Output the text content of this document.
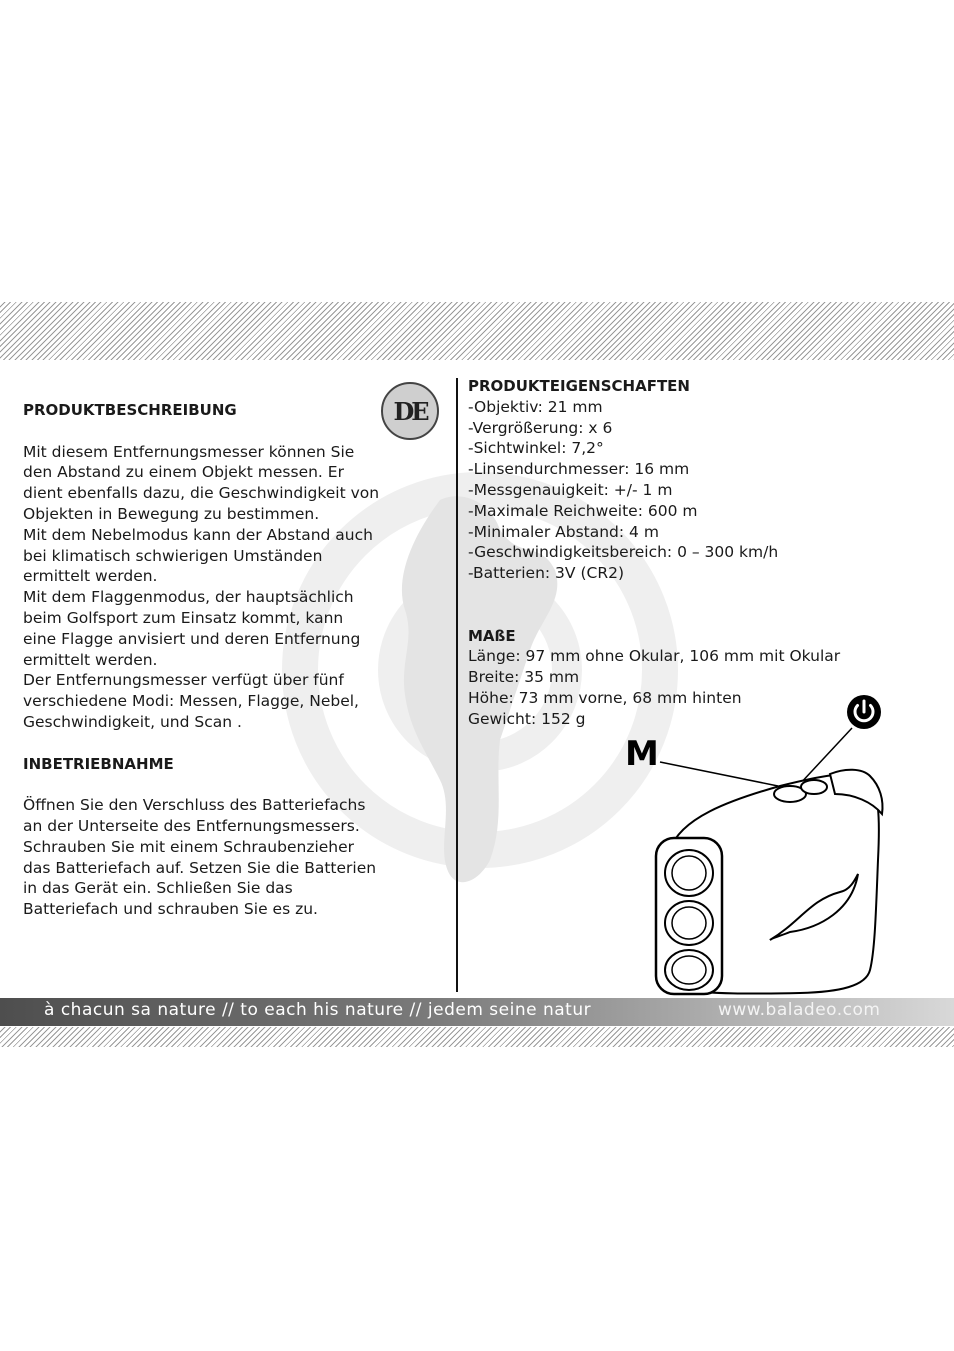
DE
PRODUKTBESCHREIBUNG

Mit diesem Entfernungsmesser können Sie

den Abstand zu einem Objekt messen. Er

dient ebenfalls dazu, die Geschwindigkeit von

Objekten in Bewegung zu bestimmen.

Mit dem Nebelmodus kann der Abstand auch

bei klimatisch schwierigen Umständen

ermittelt werden.

Mit dem Flaggenmodus, der hauptsächlich

beim Golfsport zum Einsatz kommt, kann

eine Flagge anvisiert und deren Entfernung

ermittelt werden.

Der Entfernungsmesser verfügt über fünf

verschiedene Modi: Messen, Flagge, Nebel,

Geschwindigkeit, und Scan .

INBETRIEBNAHME

Öffnen Sie den Verschluss des Batteriefachs

an der Unterseite des Entfernungsmessers.

Schrauben Sie mit einem Schraubenzieher

das Batteriefach auf. Setzen Sie die Batterien

in das Gerät ein. Schließen Sie das

Batteriefach und schrauben Sie es zu.

PRODUKTEIGENSCHAFTEN

-Objektiv: 21 mm

-Vergrößerung: x 6

-Sichtwinkel: 7,2°

-Linsendurchmesser: 16 mm

-Messgenauigkeit: +/- 1 m

-Maximale Reichweite: 600 m

-Minimaler Abstand: 4 m

-Geschwindigkeitsbereich: 0 – 300 km/h

-Batterien: 3V (CR2)

MAßE

Länge: 97 mm ohne Okular, 106 mm mit Okular

Breite: 35 mm

Höhe: 73 mm vorne, 68 mm hinten

Gewicht: 152 g

M
à chacun sa nature // to each his nature // jedem seine natur	www.baladeo.com
